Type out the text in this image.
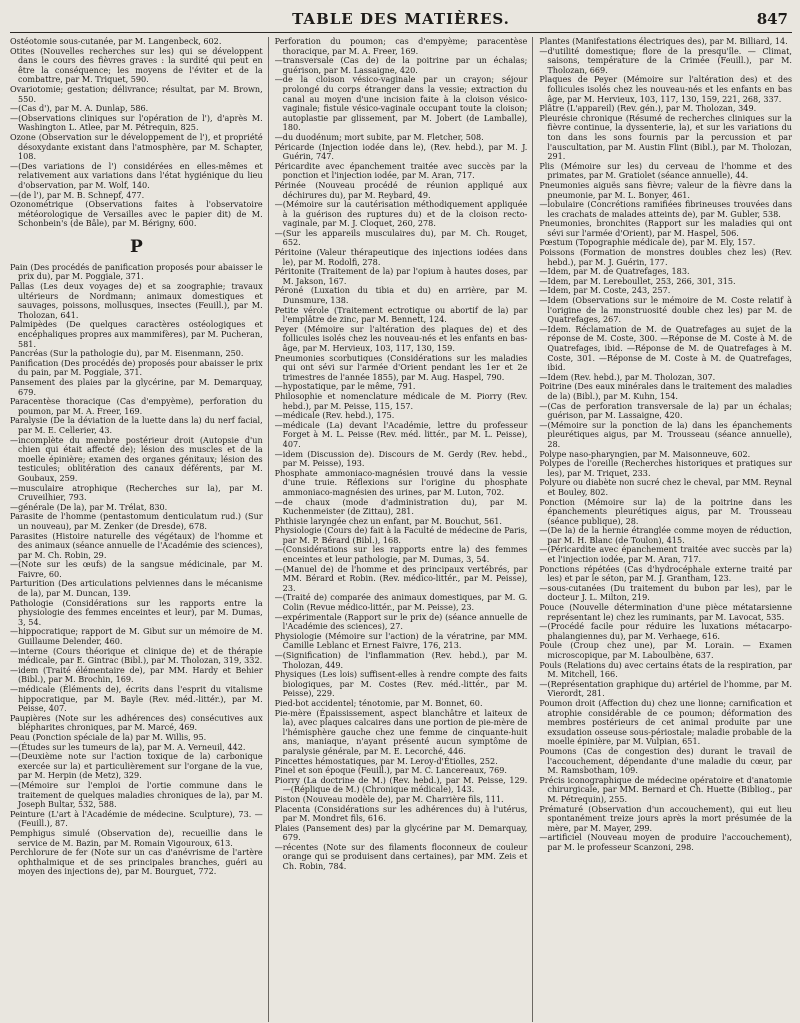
TABLE DES MATIÈRES.	847

Ostéotomie sous-cutanée, par M. Langenbeck, 602.

Otites (Nouvelles recherches sur les) qui se développent dans le cours des fièvres graves : la surdité qui peut en être la conséquence; les moyens de l'éviter et de la combattre, par M. Triquet, 590.

Ovariotomie; gestation; délivrance; résultat, par M. Brown, 550.

—(Cas d'), par M. A. Dunlap, 586.

—(Observations cliniques sur l'opération de l'), d'après M. Washington L. Atlee, par M. Pétrequin, 825.

Ozone (Observation sur le développement de l'), et propriété désoxydante existant dans l'atmosphère, par M. Schapter, 108.

—(Des variations de l') considérées en elles-mêmes et relativement aux variations dans l'état hygiénique du lieu d'observation, par M. Wolf, 140.

—(de l'), par M. B. Schnepf, 477.

Ozonométrique (Observations faites à l'observatoire météorologique de Versailles avec le papier dit) de M. Schonbein's (de Bâle), par M. Bérigny, 600.

P

Pain (Des procédés de panification proposés pour abaisser le prix du), par M. Poggiale, 371.

Pallas (Les deux voyages de) et sa zoographie; travaux ultérieurs de Nordmann; animaux domestiques et sauvages, poissons, mollusques, insectes (Feuill.), par M. Tholozan, 641.

Palmipèdes (De quelques caractères ostéologiques et encéphaliques propres aux mammifères), par M. Pucheran, 581.

Pancréas (Sur la pathologie du), par M. Eisenmann, 250.

Panification (Des procédés de) proposés pour abaisser le prix du pain, par M. Poggiale, 371.

Pansement des plaies par la glycérine, par M. Demarquay, 679.

Paracentèse thoracique (Cas d'empyème), perforation du poumon, par M. A. Freer, 169.

Paralysie (De la déviation de la luette dans la) du nerf facial, par M. E. Cellerier, 43.

—incomplète du membre postérieur droit (Autopsie d'un chien qui était affecté de); lésion des muscles et de la moelle épinière; examen des organes génitaux; lésion des testicules; oblitération des canaux déférents, par M. Goubaux, 259.

—musculaire atrophique (Recherches sur la), par M. Cruveilhier, 793.

—générale (De la), par M. Trélat, 830.

Parasite de l'homme (pentastomum denticulatum rud.) (Sur un nouveau), par M. Zenker (de Dresde), 678.

Parasites (Histoire naturelle des végétaux) de l'homme et des animaux (séance annuelle de l'Académie des sciences), par M. Ch. Robin, 29.

—(Note sur les œufs) de la sangsue médicinale, par M. Faivre, 60.

Parturition (Des articulations pelviennes dans le mécanisme de la), par M. Duncan, 139.

Pathologie (Considérations sur les rapports entre la physiologie des femmes enceintes et leur), par M. Dumas, 3, 54.

—hippocratique; rapport de M. Gibut sur un mémoire de M. Guillaume Delender, 460.

—interne (Cours théorique et clinique de) et de thérapie médicale, par E. Gintrac (Bibl.), par M. Tholozan, 319, 332.

—idem (Traité élémentaire de), par MM. Hardy et Behier (Bibl.), par M. Brochin, 169.

—médicale (Éléments de), écrits dans l'esprit du vitalisme hippocratique, par M. Bayle (Rev. méd.-littér.), par M. Peisse, 407.

Paupières (Note sur les adhérences des) consécutives aux blépharites chroniques, par M. Marcé, 469.

Peau (Ponction spéciale de la) par M. Willis, 95.

—(Études sur les tumeurs de la), par M. A. Verneuil, 442.

—(Deuxième note sur l'action toxique de la) carbonique exercée sur la) et particulièrement sur l'organe de la vue, par M. Herpin (de Metz), 329.

—(Mémoire sur l'emploi de l'ortie commune dans le traitement de quelques maladies chroniques de la), par M. Joseph Bultar, 532, 588.

Peinture (L'art à l'Académie de médecine. Sculpture), 73. —(Feuill.), 87.

Pemphigus simulé (Observation de), recueillie dans le service de M. Bazin, par M. Romain Vigouroux, 613.

Perchlorure de fer (Note sur un cas d'anévrisme de l'artère ophthalmique et de ses principales branches, guéri au moyen des injections de), par M. Bourguet, 772.

Perforation du poumon; cas d'empyème; paracentèse thoracique, par M. A. Freer, 169.

—transversale (Cas de) de la poitrine par un échalas; guérison, par M. Lassaigne, 420.

—de la cloison vésico-vaginale par un crayon; séjour prolongé du corps étranger dans la vessie; extraction du canal au moyen d'une incision faite à la cloison vésico-vaginale; fistule vésico-vaginale occupant toute la cloison; autoplastie par glissement, par M. Jobert (de Lamballe), 180.

—du duodénum; mort subite, par M. Fletcher, 508.

Péricarde (Injection iodée dans le), (Rev. hebd.), par M. J. Guérin, 747.

Péricardite avec épanchement traitée avec succès par la ponction et l'injection iodée, par M. Aran, 717.

Périnée (Nouveau procédé de réunion appliqué aux déchirures du), par M. Reybard, 49.

—(Mémoire sur la cautérisation méthodiquement appliquée à la guérison des ruptures du) et de la cloison recto-vaginale, par M. J. Cloquet, 260, 278.

—(Sur les appareils musculaires du), par M. Ch. Rouget, 652.

Péritoine (Valeur thérapeutique des injections iodées dans le), par M. Rodolfi, 278.

Péritonite (Traitement de la) par l'opium à hautes doses, par M. Jakson, 167.

Péroné (Luxation du tibia et du) en arrière, par M. Dunsmure, 138.

Petite vérole (Traitement ectrotique ou abortif de la) par l'emplâtre de zinc, par M. Bennett, 124.

Peyer (Mémoire sur l'altération des plaques de) et des follicules isolés chez les nouveau-nés et les enfants en bas-âge, par M. Hervieux, 103, 117, 130, 159.

Pneumonies scorbutiques (Considérations sur les maladies qui ont sévi sur l'armée d'Orient pendant les 1er et 2e trimestres de l'année 1855), par M. Aug. Haspel, 790.

—hypostatique, par le même, 791.

Philosophie et nomenclature médicale de M. Piorry (Rev. hebd.), par M. Peisse, 115, 157.

—médicale (Rev. hebd.), 175.

—médicale (La) devant l'Académie, lettre du professeur Forget à M. L. Peisse (Rev. méd. littér., par M. L. Peisse), 407.

—idem (Discussion de). Discours de M. Gerdy (Rev. hebd., par M. Peisse), 193.

Phosphate ammoniaco-magnésien trouvé dans la vessie d'une truie. Réflexions sur l'origine du phosphate ammoniaco-magnésien des urines, par M. Luton, 702.

—de chaux (mode d'administration du), par M. Kuchenmeister (de Zittau), 281.

Phthisie laryngée chez un enfant, par M. Bouchut, 561.

Physiologie (Cours de) fait à la Faculté de médecine de Paris, par M. P. Bérard (Bibl.), 168.

—(Considérations sur les rapports entre la) des femmes enceintes et leur pathologie, par M. Dumas, 3, 54.

—(Manuel de) de l'homme et des principaux vertébrés, par MM. Bérard et Robin. (Rev. médico-littér., par M. Peisse), 23.

—(Traité de) comparée des animaux domestiques, par M. G. Colin (Revue médico-littér., par M. Peisse), 23.

—expérimentale (Rapport sur le prix de) (séance annuelle de l'Académie des sciences), 27.

Physiologie (Mémoire sur l'action) de la vératrine, par MM. Camille Leblanc et Ernest Faivre, 176, 213.

—(Signification) de l'inflammation (Rev. hebd.), par M. Tholozan, 449.

Physiques (Les lois) suffisent-elles à rendre compte des faits biologiques, par M. Costes (Rev. méd.-littér., par M. Peisse), 229.

Pied-bot accidentel; ténotomie, par M. Bonnet, 60.

Pie-mère (Épaississement, aspect blanchâtre et laiteux de la), avec plaques calcaires dans une portion de pie-mère de l'hémisphère gauche chez une femme de cinquante-huit ans, maniaque, n'ayant présenté aucun symptôme de paralysie générale, par M. E. Lecorché, 446.

Pincettes hémostatiques, par M. Leroy-d'Étiolles, 252.

Pinel et son époque (Feuill.), par M. C. Lancereaux, 769.

Piorry (La doctrine de M.) (Rev. hebd.), par M. Peisse, 129. —(Réplique de M.) (Chronique médicale), 143.

Piston (Nouveau modèle de), par M. Charrière fils, 111.

Placenta (Considérations sur les adhérences du) à l'utérus, par M. Mondret fils, 616.

Plaies (Pansement des) par la glycérine par M. Demarquay, 679.

—récentes (Note sur des filaments floconneux de couleur orange qui se produisent dans certaines), par MM. Zeis et Ch. Robin, 784.

Plantes (Manifestations électriques des), par M. Billiard, 14.

—d'utilité domestique; flore de la presqu'île. — Climat, saisons, température de la Crimée (Feuill.), par M. Tholozan, 669.

Plaques de Peyer (Mémoire sur l'altération des) et des follicules isolés chez les nouveau-nés et les enfants en bas âge, par M. Hervieux, 103, 117, 130, 159, 221, 268, 337.

Plâtre (L'appareil) (Rev. gén.), par M. Tholozan, 349.

Pleurésie chronique (Résumé de recherches cliniques sur la fièvre continue, la dyssenterie, la), et sur les variations du ton dans les sons fournis par la percussion et par l'auscultation, par M. Austin Flint (Bibl.), par M. Tholozan, 291.

Plis (Mémoire sur les) du cerveau de l'homme et des primates, par M. Gratiolet (séance annuelle), 44.

Pneumonies aiguës sans fièvre; valeur de la fièvre dans la pneumonie, par M. L. Bonyer, 461.

—lobulaire (Concrétions ramifiées fibrineuses trouvées dans les crachats de malades atteints de), par M. Gubler, 538.

Pneumonies, bronchites (Rapport sur les maladies qui ont sévi sur l'armée d'Orient), par M. Haspel, 506.

Pœstum (Topographie médicale de), par M. Ely, 157.

Poissons (Formation de monstres doubles chez les) (Rev. hebd.), par M. J. Guérin, 177.

—Idem, par M. de Quatrefages, 183.

—Idem, par M. Lereboullet, 253, 266, 301, 315.

—Idem, par M. Coste, 243, 257.

—Idem (Observations sur le mémoire de M. Coste relatif à l'origine de la monstruosité double chez les) par M. de Quatrefages, 267.

—Idem. Réclamation de M. de Quatrefages au sujet de la réponse de M. Coste, 300. —Réponse de M. Coste à M. de Quatrefages, ibid. —Réponse de M. de Quatrefages à M. Coste, 301. —Réponse de M. Coste à M. de Quatrefages, ibid.

—Idem (Rev. hebd.), par M. Tholozan, 307.

Poitrine (Des eaux minérales dans le traitement des maladies de la) (Bibl.), par M. Kuhn, 154.

—(Cas de perforation transversale de la) par un échalas; guérison, par M. Lassaigne, 420.

—(Mémoire sur la ponction de la) dans les épanchements pleurétiques aigus, par M. Trousseau (séance annuelle), 28.

Polype naso-pharyngien, par M. Maisonneuve, 602.

Polypes de l'oreille (Recherches historiques et pratiques sur les), par M. Triquet, 233.

Polyure ou diabète non sucré chez le cheval, par MM. Reynal et Bouley, 802.

Ponction (Mémoire sur la) de la poitrine dans les épanchements pleurétiques aigus, par M. Trousseau (séance publique), 28.

—(De la) de la hernie étranglée comme moyen de réduction, par M. H. Blanc (de Toulon), 415.

—(Péricardite avec épanchement traitée avec succès par la) et l'injection iodée, par M. Aran, 717.

Ponctions répétées (Cas d'hydrocéphale externe traité par les) et par le séton, par M. J. Grantham, 123.

—sous-cutanées (Du traitement du bubon par les), par le docteur J. L. Milton, 219.

Pouce (Nouvelle détermination d'une pièce métatarsienne représentant le) chez les ruminants, par M. Lavocat, 535.

—(Procédé facile pour réduire les luxations métacarpo-phalangiennes du), par M. Verhaege, 616.

Poule (Croup chez une), par M. Lorain. — Examen microscopique, par M. Laboulbène, 637.

Pouls (Relations du) avec certains états de la respiration, par M. Mitchell, 166.

—(Représentation graphique du) artériel de l'homme, par M. Vierordt, 281.

Poumon droit (Affection du) chez une lionne; carnification et atrophie considérable de ce poumon; déformation des membres postérieurs de cet animal produite par une exsudation osseuse sous-périostale; maladie probable de la moelle épinière, par M. Vulpian, 651.

Poumons (Cas de congestion des) durant le travail de l'accouchement, dépendante d'une maladie du cœur, par M. Ramsbotham, 109.

Précis iconographique de médecine opératoire et d'anatomie chirurgicale, par MM. Bernard et Ch. Huette (Bibliog., par M. Pétrequin), 255.

Prématuré (Observation d'un accouchement), qui eut lieu spontanément treize jours après la mort présumée de la mère, par M. Mayer, 299.

—artificiel (Nouveau moyen de produire l'accouchement), par M. le professeur Scanzoni, 298.
